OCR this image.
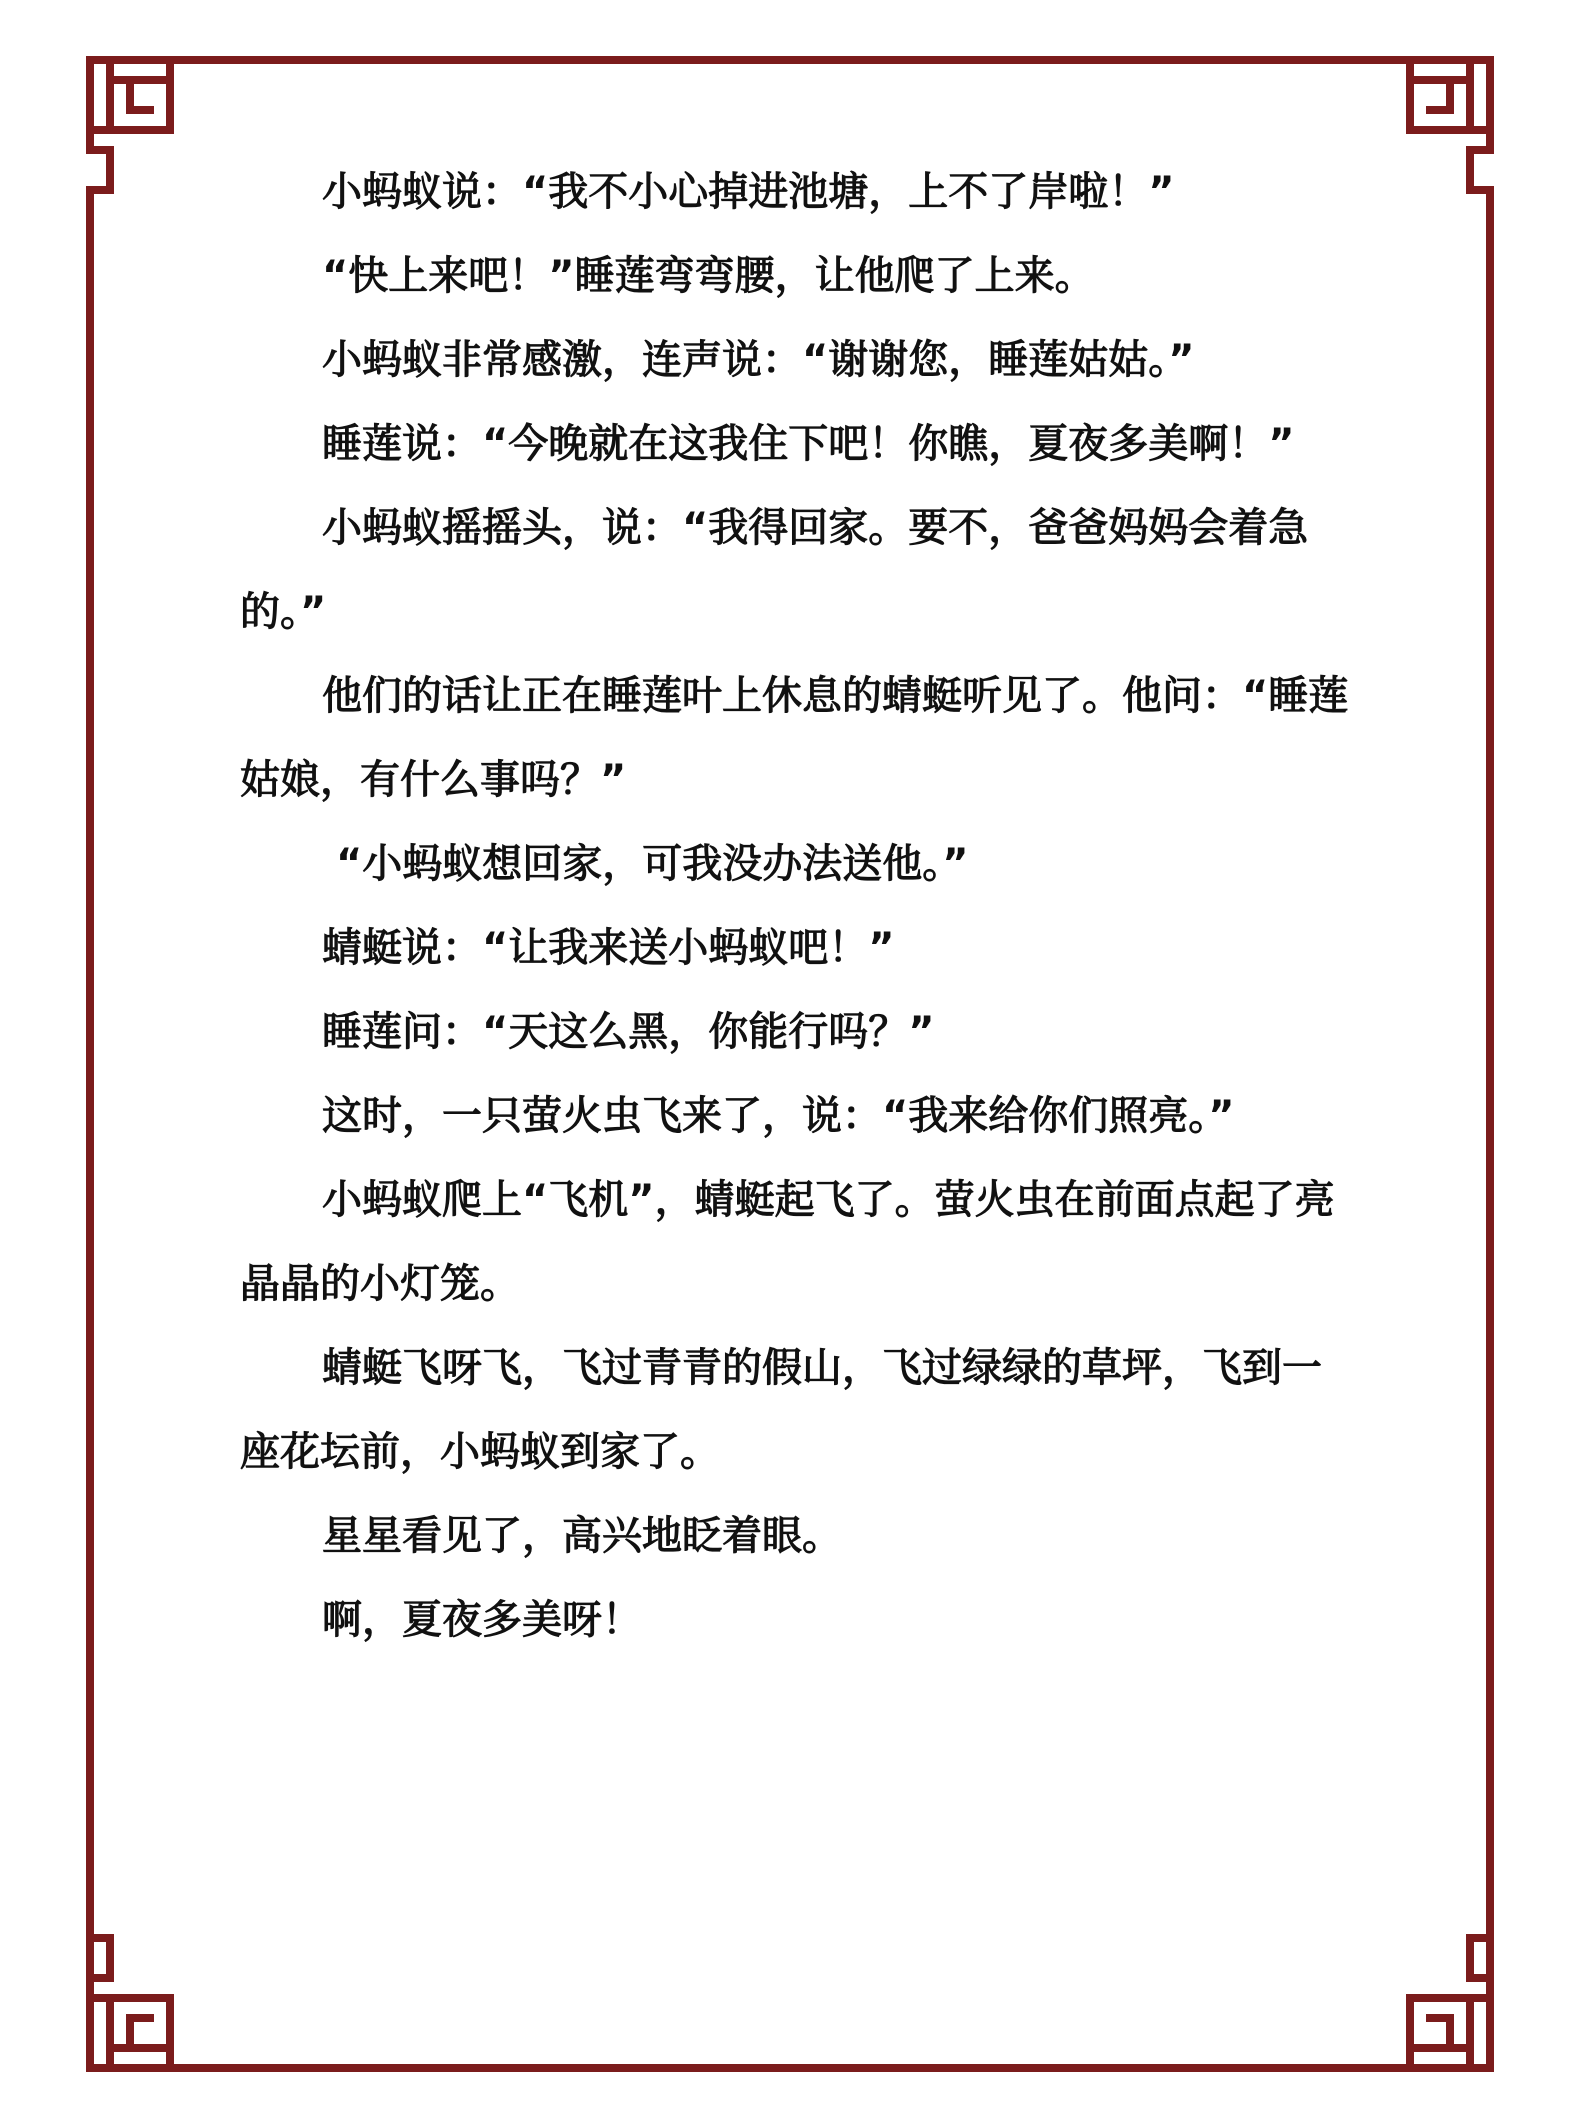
小蚂蚁说：“我不小心掉进池塘，上不了岸啦！”

“快上来吧！”睡莲弯弯腰，让他爬了上来。

小蚂蚁非常感激，连声说：“谢谢您，睡莲姑姑。”

睡莲说：“今晚就在这我住下吧！你瞧，夏夜多美啊！”

小蚂蚁摇摇头，说：“我得回家。要不，爸爸妈妈会着急的。”

他们的话让正在睡莲叶上休息的蜻蜓听见了。他问：“睡莲姑娘，有什么事吗？”

“小蚂蚁想回家，可我没办法送他。”

蜻蜓说：“让我来送小蚂蚁吧！”

睡莲问：“天这么黑，你能行吗？”

这时，一只萤火虫飞来了，说：“我来给你们照亮。”

小蚂蚁爬上“飞机”，蜻蜓起飞了。萤火虫在前面点起了亮晶晶的小灯笼。

蜻蜓飞呀飞，飞过青青的假山，飞过绿绿的草坪，飞到一座花坛前，小蚂蚁到家了。

星星看见了，高兴地眨着眼。

啊，夏夜多美呀！
